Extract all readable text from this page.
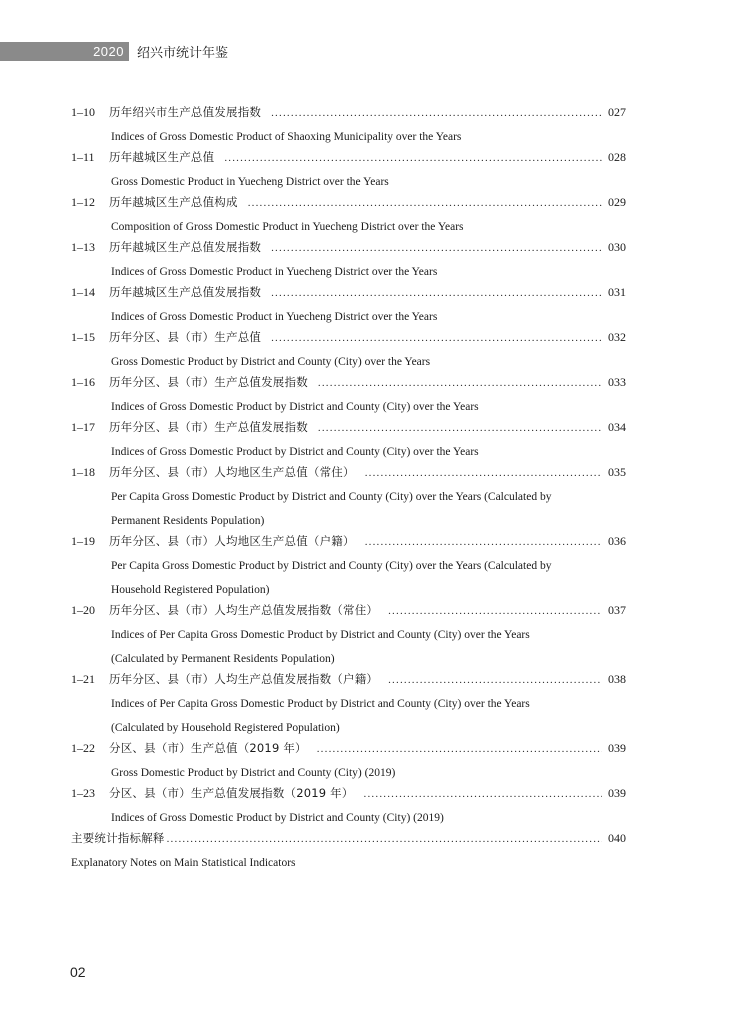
2020	绍兴市统计年鉴
1–10	历年绍兴市生产总值发展指数 .....	027
Indices of Gross Domestic Product of Shaoxing Municipality over the Years
1–11	历年越城区生产总值 .....	028
Gross Domestic Product in Yuecheng District over the Years
1–12	历年越城区生产总值构成 .....	029
Composition of Gross Domestic Product in Yuecheng District over the Years
1–13	历年越城区生产总值发展指数 .....	030
Indices of Gross Domestic Product in Yuecheng District over the Years
1–14	历年越城区生产总值发展指数 .....	031
Indices of Gross Domestic Product in Yuecheng District over the Years
1–15	历年分区、县（市）生产总值 .....	032
Gross Domestic Product by District and County (City) over the Years
1–16	历年分区、县（市）生产总值发展指数 .....	033
Indices of Gross Domestic Product by District and County (City) over the Years
1–17	历年分区、县（市）生产总值发展指数 .....	034
Indices of Gross Domestic Product by District and County (City) over the Years
1–18	历年分区、县（市）人均地区生产总值（常住） .....	035
Per Capita Gross Domestic Product by District and County (City) over the Years (Calculated by
Permanent Residents Population)
1–19	历年分区、县（市）人均地区生产总值（户籍） .....	036
Per Capita Gross Domestic Product by District and County (City) over the Years (Calculated by
Household Registered Population)
1–20	历年分区、县（市）人均生产总值发展指数（常住） .....	037
Indices of Per Capita Gross Domestic Product by District and County (City) over the Years
(Calculated by Permanent Residents Population)
1–21	历年分区、县（市）人均生产总值发展指数（户籍） .....	038
Indices of Per Capita Gross Domestic Product by District and County (City) over the Years
(Calculated by Household Registered Population)
1–22	分区、县（市）生产总值（2019 年） .....	039
Gross Domestic Product by District and County (City) (2019)
1–23	分区、县（市）生产总值发展指数（2019 年） .....	039
Indices of Gross Domestic Product by District and County (City) (2019)
主要统计指标解释 .....	040
Explanatory Notes on Main Statistical Indicators
02
